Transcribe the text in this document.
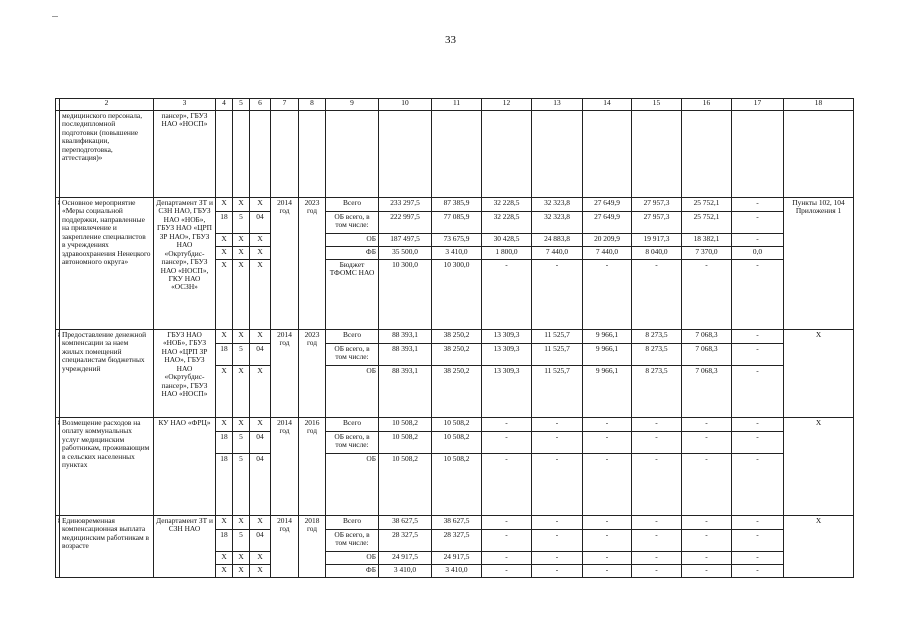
33
	2	3	4	5	6	7	8	9	10	11	12	13	14	15	16	17	18
	медицинского персонала, последипломной подготовки (повышение квалификации, переподготовка, аттестация)»	пансер», ГБУЗ НАО «НОСП»															
	Основное мероприятие «Меры социальной поддержки, направленные на привлечение и закрепление специалистов в учреждениях здравоохранения Ненецкого автономного округа»	Департамент ЗТ и СЗН НАО, ГБУЗ НАО «НОБ», ГБУЗ НАО «ЦРП ЗР НАО», ГБУЗ НАО «Окртубдис-пансер», ГБУЗ НАО «НОСП», ГКУ НАО «ОСЗН»	Х	Х	Х	2014 год	2023 год	Всего	233 297,5	87 385,9	32 228,5	32 323,8	27 649,9	27 957,3	25 752,1	-	Пункты 102, 104 Приложения 1
			18	5	04			ОБ всего, в том числе:	222 997,5	77 085,9	32 228,5	32 323,8	27 649,9	27 957,3	25 752,1	-	
			Х	Х	Х			ОБ	187 497,5	73 675,9	30 428,5	24 883,8	20 209,9	19 917,3	18 382,1	-	
			Х	Х	Х			ФБ	35 500,0	3 410,0	1 800,0	7 440,0	7 440,0	8 040,0	7 370,0	0,0	
			Х	Х	Х			Бюджет ТФОМС НАО	10 300,0	10 300,0	-	-	-	-	-	-	
	Предоставление денежной компенсации за наем жилых помещений специалистам бюджетных учреждений	ГБУЗ НАО «НОБ», ГБУЗ НАО «ЦРП ЗР НАО», ГБУЗ НАО «Окртубдис-пансер», ГБУЗ НАО «НОСП»	Х	Х	Х	2014 год	2023 год	Всего	88 393,1	38 250,2	13 309,3	11 525,7	9 966,1	8 273,5	7 068,3	-	Х
			18	5	04			ОБ всего, в том числе:	88 393,1	38 250,2	13 309,3	11 525,7	9 966,1	8 273,5	7 068,3	-	
			Х	Х	Х			ОБ	88 393,1	38 250,2	13 309,3	11 525,7	9 966,1	8 273,5	7 068,3	-	
	Возмещение расходов на оплату коммунальных услуг медицинским работникам, проживающим в сельских населенных пунктах	КУ НАО «ФРЦ»	Х	Х	Х	2014 год	2016 год	Всего	10 508,2	10 508,2	-	-	-	-	-	-	Х
			18	5	04			ОБ всего, в том числе:	10 508,2	10 508,2	-	-	-	-	-	-	
			18	5	04			ОБ	10 508,2	10 508,2	-	-	-	-	-	-	
	Единовременная компенсационная выплата медицинским работникам в возрасте	Департамент ЗТ и СЗН НАО	Х	Х	Х	2014 год	2018 год	Всего	38 627,5	38 627,5	-	-	-	-	-	-	Х
			18	5	04			ОБ всего, в том числе:	28 327,5	28 327,5	-	-	-	-	-	-	
			Х	Х	Х			ОБ	24 917,5	24 917,5	-	-	-	-	-	-	
			Х	Х	Х			ФБ	3 410,0	3 410,0	-	-	-	-	-	-	
